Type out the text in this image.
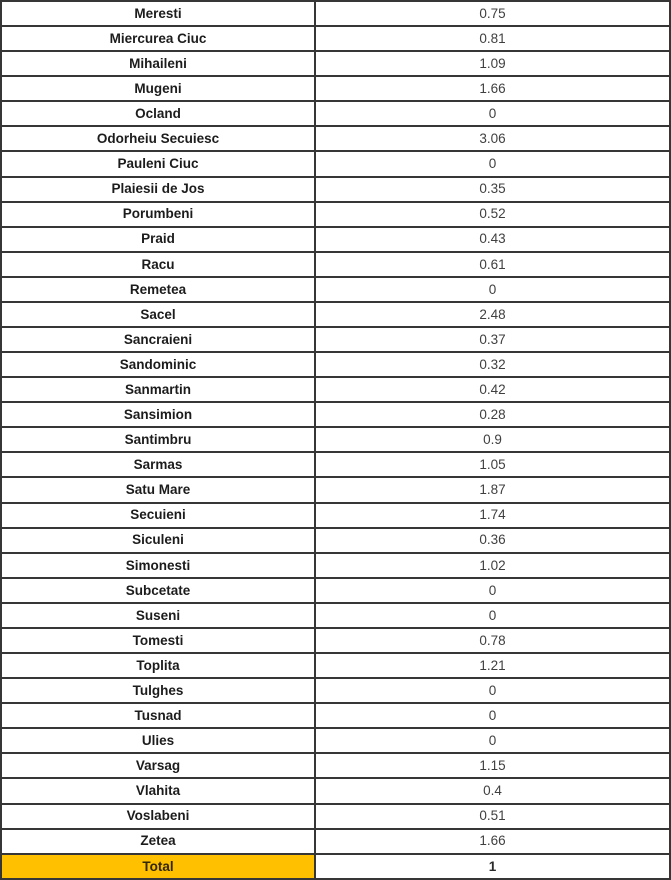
Meresti	0.75
Miercurea Ciuc	0.81
Mihaileni	1.09
Mugeni	1.66
Ocland	0
Odorheiu Secuiesc	3.06
Pauleni Ciuc	0
Plaiesii de Jos	0.35
Porumbeni	0.52
Praid	0.43
Racu	0.61
Remetea	0
Sacel	2.48
Sancraieni	0.37
Sandominic	0.32
Sanmartin	0.42
Sansimion	0.28
Santimbru	0.9
Sarmas	1.05
Satu Mare	1.87
Secuieni	1.74
Siculeni	0.36
Simonesti	1.02
Subcetate	0
Suseni	0
Tomesti	0.78
Toplita	1.21
Tulghes	0
Tusnad	0
Ulies	0
Varsag	1.15
Vlahita	0.4
Voslabeni	0.51
Zetea	1.66
Total	1
